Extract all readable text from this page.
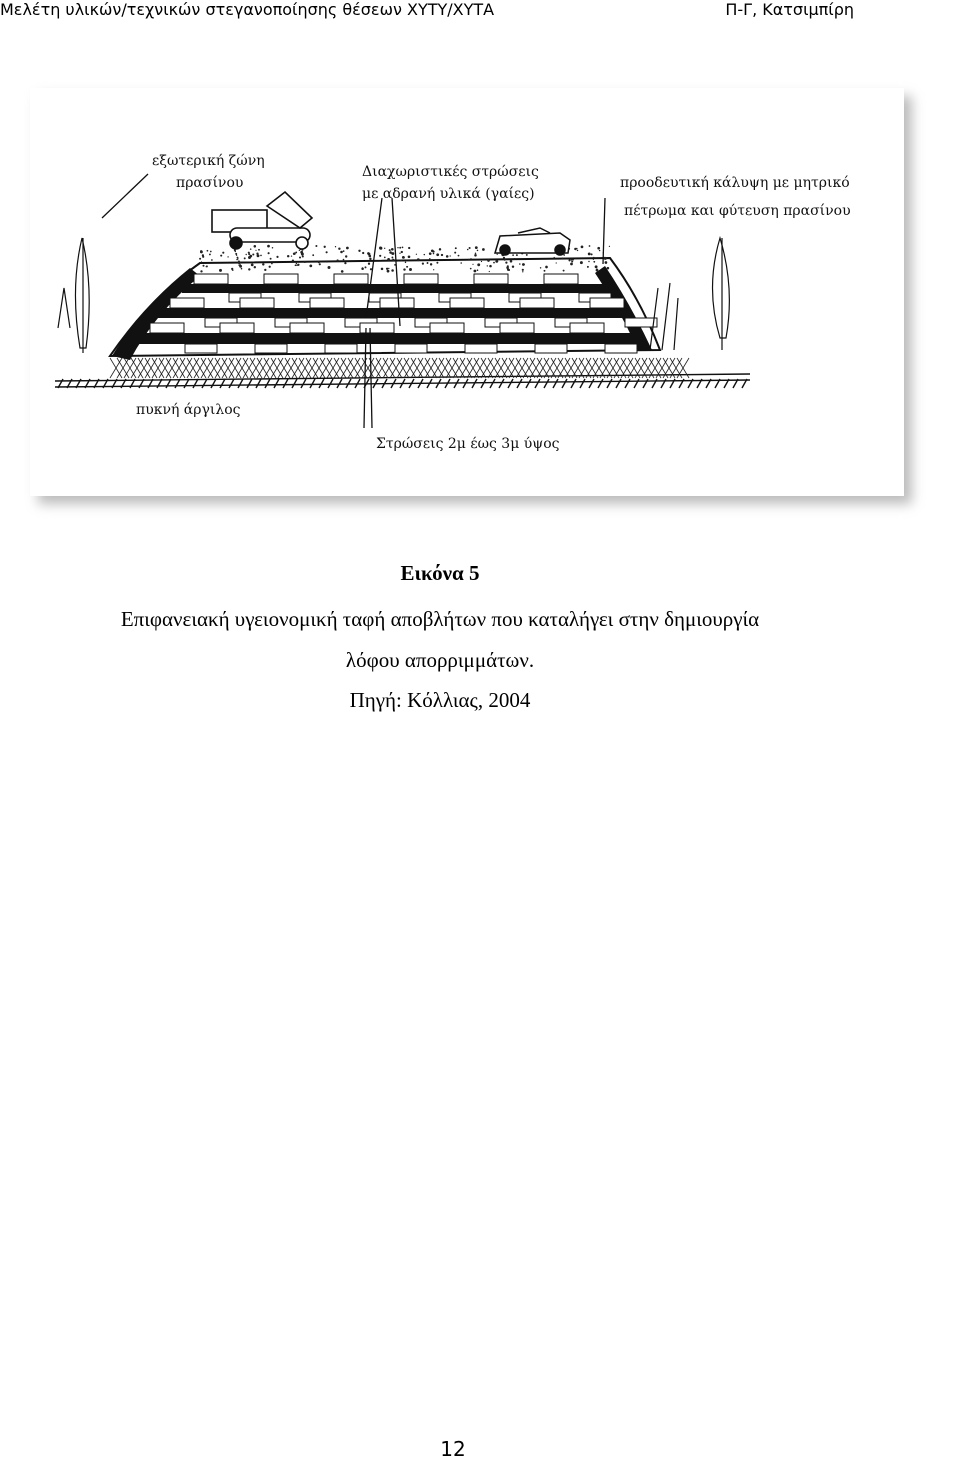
Μελέτη υλικών/τεχνικών στεγανοποίησης θέσεων ΧΥΤΥ/ΧΥΤΑ	Π-Γ, Κατσιμπίρη
εξωτερική ζώνη
πρασίνου
Διαχωριστικές στρώσεις
με αδρανή υλικά (γαίες)
προοδευτική κάλυψη με μητρικό
πέτρωμα και φύτευση πρασίνου
πυκνή άργιλος
Στρώσεις 2μ έως 3μ ύψος
Εικόνα 5
Επιφανειακή υγειονομική ταφή αποβλήτων που καταλήγει στην δημιουργία
λόφου απορριμμάτων.
Πηγή: Κόλλιας, 2004
12
